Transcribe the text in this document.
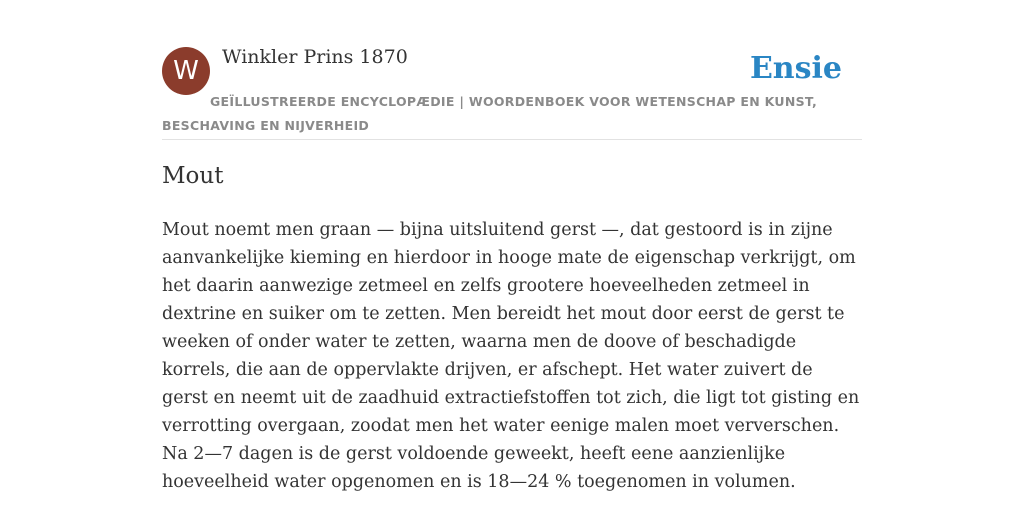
W Winkler Prins 1870	Ensie
GEÏLLUSTREERDE ENCYCLOPÆDIE | WOORDENBOEK VOOR WETENSCHAP EN KUNST, BESCHAVING EN NIJVERHEID
Mout

Mout noemt men graan — bijna uitsluitend gerst —, dat gestoord is in zijne aanvankelijke kieming en hierdoor in hooge mate de eigenschap verkrijgt, om het daarin aanwezige zetmeel en zelfs grootere hoeveelheden zetmeel in dextrine en suiker om te zetten. Men bereidt het mout door eerst de gerst te weeken of onder water te zetten, waarna men de doove of beschadigde korrels, die aan de oppervlakte drijven, er afschept. Het water zuivert de gerst en neemt uit de zaadhuid extractiefstoffen tot zich, die ligt tot gisting en verrotting overgaan, zoodat men het water eenige malen moet ververschen. Na 2—7 dagen is de gerst voldoende geweekt, heeft eene aanzienlijke hoeveelheid water opgenomen en is 18—24 % toegenomen in volumen.
